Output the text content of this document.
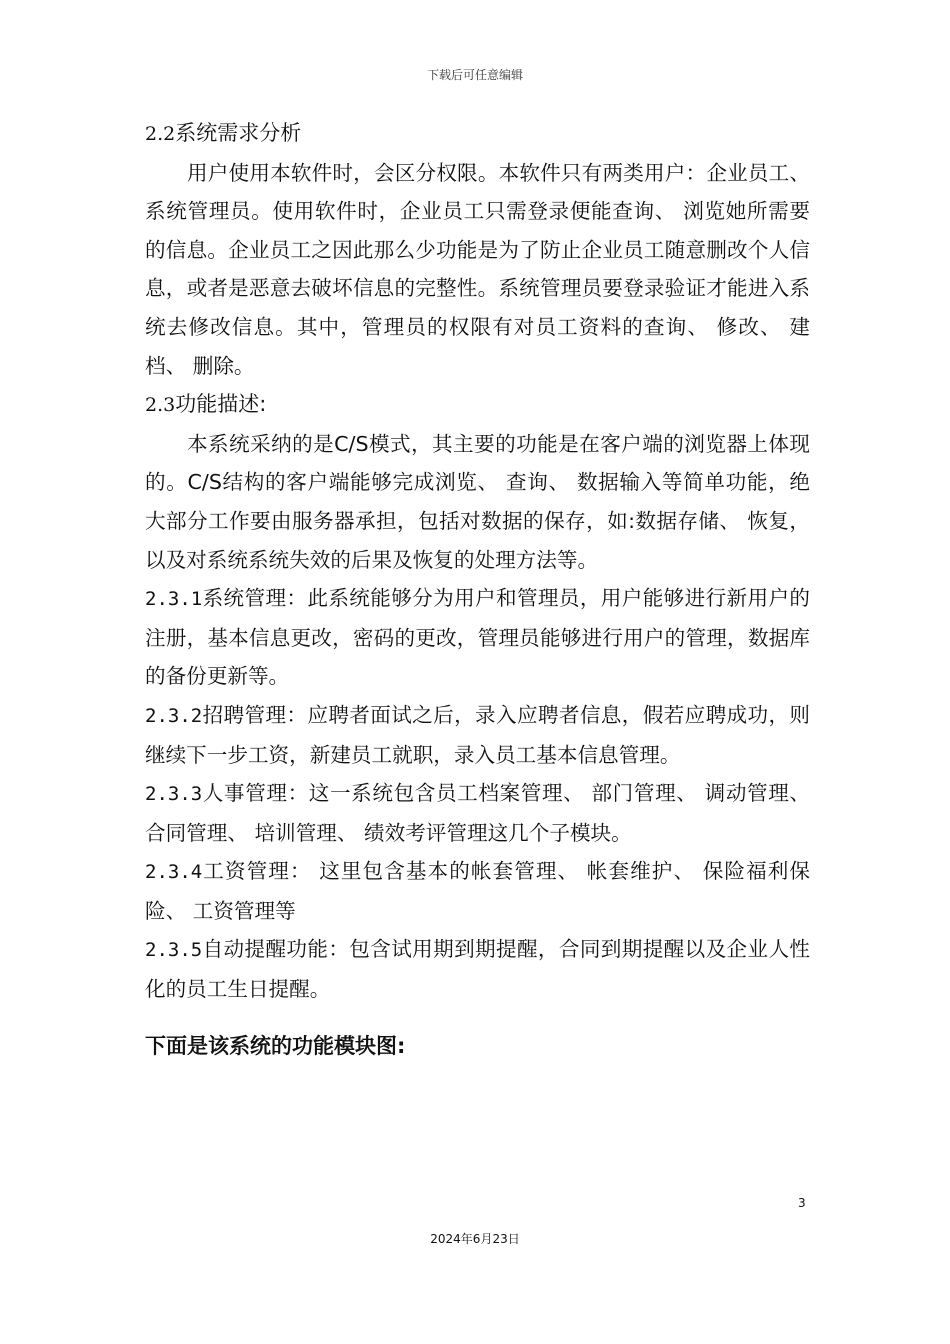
下载后可任意编辑

2.2系统需求分析

用户使用本软件时，会区分权限。本软件只有两类用户：企业员工、 系统管理员。使用软件时，企业员工只需登录便能查询、 浏览她所需要的信息。企业员工之因此那么少功能是为了防止企业员工随意删改个人信息，或者是恶意去破坏信息的完整性。系统管理员要登录验证才能进入系统去修改信息。其中，管理员的权限有对员工资料的查询、 修改、 建档、 删除。

2.3功能描述:

本系统采纳的是C/S模式，其主要的功能是在客户端的浏览器上体现的。C/S结构的客户端能够完成浏览、 查询、 数据输入等简单功能，绝大部分工作要由服务器承担，包括对数据的保存，如:数据存储、 恢复，以及对系统系统失效的后果及恢复的处理方法等。

2.3.1系统管理：此系统能够分为用户和管理员，用户能够进行新用户的注册，基本信息更改，密码的更改，管理员能够进行用户的管理，数据库的备份更新等。

2.3.2招聘管理：应聘者面试之后，录入应聘者信息，假若应聘成功，则继续下一步工资，新建员工就职，录入员工基本信息管理。

2.3.3人事管理：这一系统包含员工档案管理、 部门管理、 调动管理、 合同管理、 培训管理、 绩效考评管理这几个子模块。

2.3.4工资管理： 这里包含基本的帐套管理、 帐套维护、 保险福利保险、 工资管理等

2.3.5自动提醒功能：包含试用期到期提醒，合同到期提醒以及企业人性化的员工生日提醒。

下面是该系统的功能模块图:

3
2024年6月23日
